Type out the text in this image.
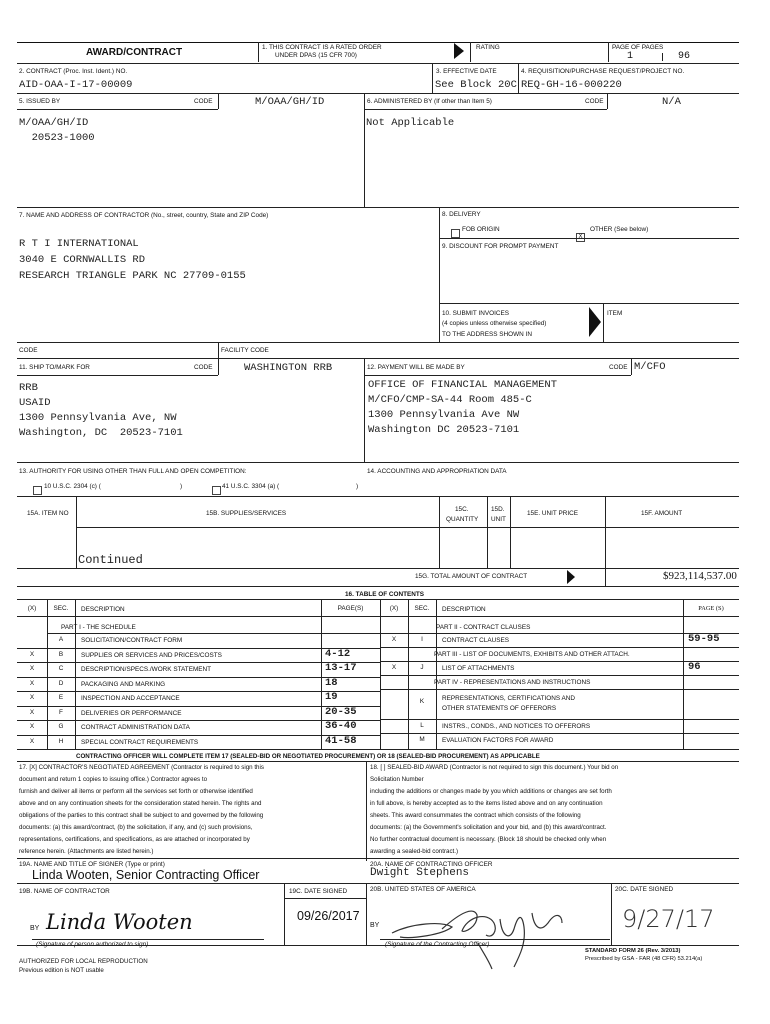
AWARD/CONTRACT	1. THIS CONTRACT IS A RATED ORDER
UNDER DPAS (15 CFR 700)
RATING	PAGE OF PAGES
1	96
2. CONTRACT (Proc. Inst. Ident.) NO.
AID-OAA-I-17-00009
3. EFFECTIVE DATE
See Block 20C
4. REQUISITION/PURCHASE REQUEST/PROJECT NO.
REQ-GH-16-000220
5. ISSUED BY	CODE	M/OAA/GH/ID	6. ADMINISTERED BY (If other than Item 5)	CODE	N/A
M/OAA/GH/ID
20523-1000
Not Applicable
7. NAME AND ADDRESS OF CONTRACTOR (No., street, country, State and ZIP Code)
R T I INTERNATIONAL
3040 E CORNWALLIS RD
RESEARCH TRIANGLE PARK NC 27709-0155
8. DELIVERY
FOB ORIGIN
X
OTHER (See below)
9. DISCOUNT FOR PROMPT PAYMENT
10. SUBMIT INVOICES
(4 copies unless otherwise specified)
TO THE ADDRESS SHOWN IN
ITEM
CODE	FACILITY CODE
11. SHIP TO/MARK FOR	CODE	WASHINGTON RRB	12. PAYMENT WILL BE MADE BY	CODE M/CFO
RRB
USAID
1300 Pennsylvania Ave, NW
Washington, DC  20523-7101
OFFICE OF FINANCIAL MANAGEMENT
M/CFO/CMP-SA-44 Room 485-C
1300 Pennsylvania Ave NW
Washington DC 20523-7101
13. AUTHORITY FOR USING OTHER THAN FULL AND OPEN COMPETITION:
10 U.S.C. 2304 (c) (	)	41 U.S.C. 3304 (a) (	)
14. ACCOUNTING AND APPROPRIATION DATA
15A. ITEM NO	15B. SUPPLIES/SERVICES
15C.
QUANTITY
15D.
UNIT
15E. UNIT PRICE	15F. AMOUNT
Continued
15G. TOTAL AMOUNT OF CONTRACT	$923,114,537.00
16. TABLE OF CONTENTS
(X)	SEC.	DESCRIPTION	PAGE(S)	(X)	SEC.	DESCRIPTION	PAGE (S)
PART I - THE SCHEDULE	PART II - CONTRACT CLAUSES
A	SOLICITATION/CONTRACT FORM
X	B	SUPPLIES OR SERVICES AND PRICES/COSTS	4-12
X	C	DESCRIPTION/SPECS./WORK STATEMENT	13-17
X	D	PACKAGING AND MARKING	18
X	E	INSPECTION AND ACCEPTANCE	19
X	F	DELIVERIES OR PERFORMANCE	20-35
X	G	CONTRACT ADMINISTRATION DATA	36-40
X	H	SPECIAL CONTRACT REQUIREMENTS	41-58
X	I	CONTRACT CLAUSES	59-95
PART III - LIST OF DOCUMENTS, EXHIBITS AND OTHER ATTACH.
X	J	LIST OF ATTACHMENTS	96
PART IV - REPRESENTATIONS AND INSTRUCTIONS
K	REPRESENTATIONS, CERTIFICATIONS AND
OTHER STATEMENTS OF OFFERORS
L	INSTRS., CONDS., AND NOTICES TO OFFERORS
M	EVALUATION FACTORS FOR AWARD
CONTRACTING OFFICER WILL COMPLETE ITEM 17 (SEALED-BID OR NEGOTIATED PROCUREMENT) OR 18 (SEALED-BID PROCUREMENT) AS APPLICABLE
17. [X] CONTRACTOR'S NEGOTIATED AGREEMENT (Contractor is required to sign this
document and return 1 copies to issuing office.) Contractor agrees to
furnish and deliver all items or perform all the services set forth or otherwise identified
above and on any continuation sheets for the consideration stated herein. The rights and
obligations of the parties to this contract shall be subject to and governed by the following
documents: (a) this award/contract, (b) the solicitation, if any, and (c) such provisions,
representations, certifications, and specifications, as are attached or incorporated by
reference herein. (Attachments are listed herein.)
18. [ ] SEALED-BID AWARD (Contractor is not required to sign this document.) Your bid on
Solicitation Number
including the additions or changes made by you which additions or changes are set forth
in full above, is hereby accepted as to the items listed above and on any continuation
sheets. This award consummates the contract which consists of the following
documents: (a) the Government's solicitation and your bid, and (b) this award/contract.
No further contractual document is necessary. (Block 18 should be checked only when
awarding a sealed-bid contract.)
19A. NAME AND TITLE OF SIGNER (Type or print)
Linda Wooten, Senior Contracting Officer
20A. NAME OF CONTRACTING OFFICER
Dwight Stephens
19B. NAME OF CONTRACTOR	19C. DATE SIGNED
09/26/2017
20B. UNITED STATES OF AMERICA	20C. DATE SIGNED
BY Linda Wooten
(Signature of person authorized to sign)
BY
(Signature of the Contracting Officer)
9/27/17
AUTHORIZED FOR LOCAL REPRODUCTION
Previous edition is NOT usable
STANDARD FORM 26 (Rev. 3/2013)
Prescribed by GSA - FAR (48 CFR) 53.214(a)
